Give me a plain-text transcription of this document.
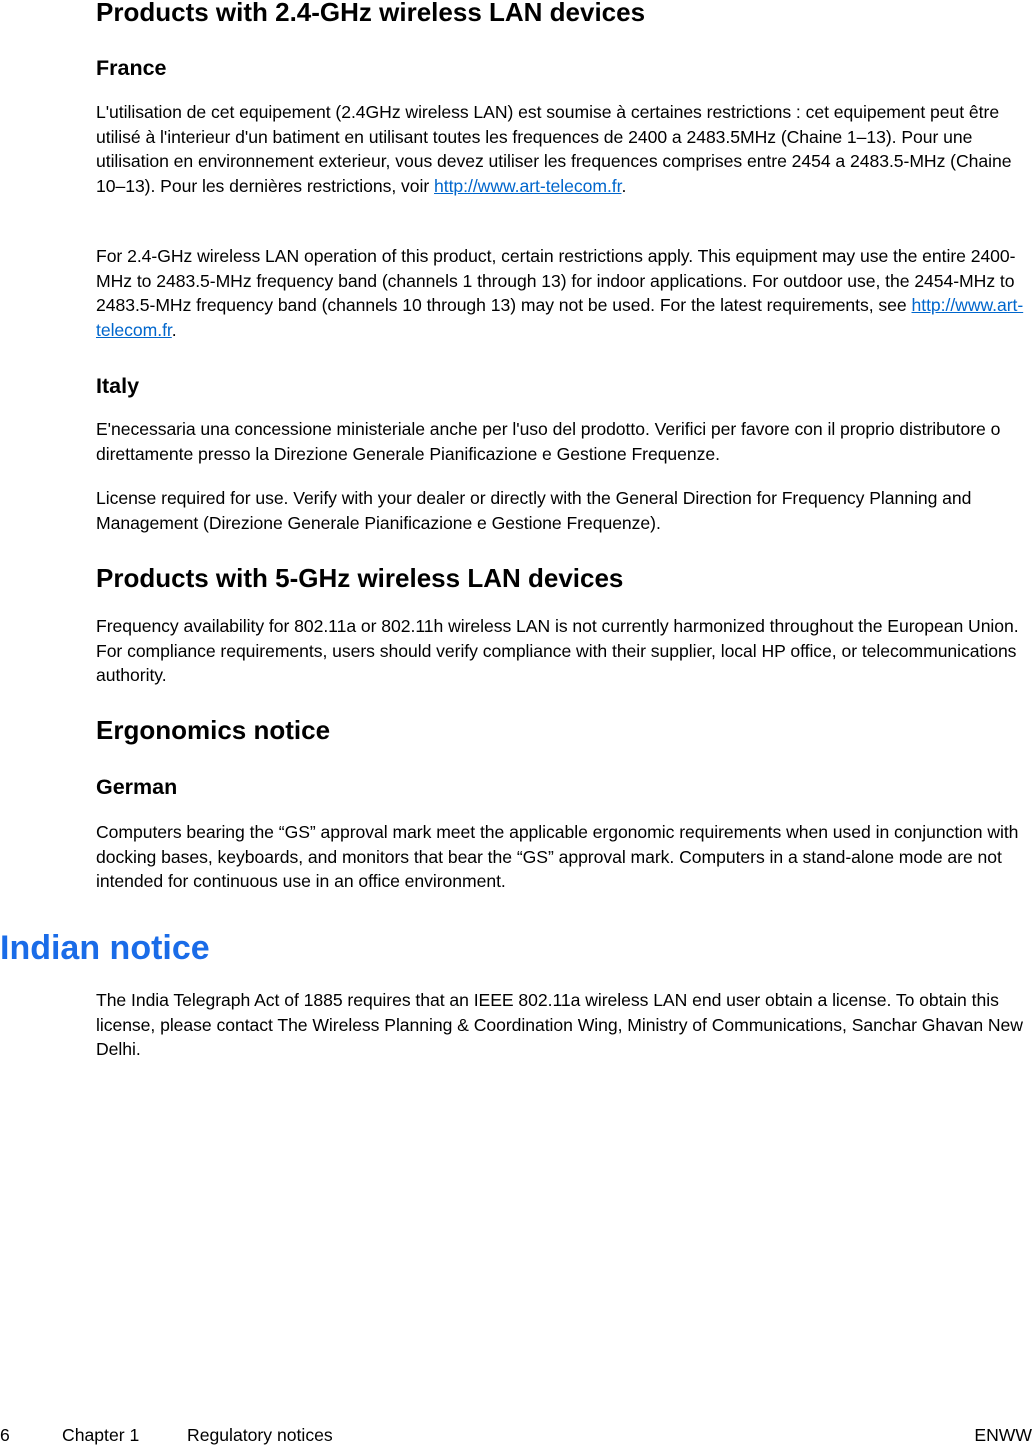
Products with 2.4-GHz wireless LAN devices
France

L'utilisation de cet equipement (2.4GHz wireless LAN) est soumise à certaines restrictions : cet equipement peut être utilisé à l'interieur d'un batiment en utilisant toutes les frequences de 2400 a 2483.5MHz (Chaine 1–13). Pour une utilisation en environnement exterieur, vous devez utiliser les frequences comprises entre 2454 a 2483.5-MHz (Chaine 10–13). Pour les dernières restrictions, voir http://www.art-telecom.fr.

For 2.4-GHz wireless LAN operation of this product, certain restrictions apply. This equipment may use the entire 2400-MHz to 2483.5-MHz frequency band (channels 1 through 13) for indoor applications. For outdoor use, the 2454-MHz to 2483.5-MHz frequency band (channels 10 through 13) may not be used. For the latest requirements, see http://www.art-telecom.fr.

Italy

E'necessaria una concessione ministeriale anche per l'uso del prodotto. Verifici per favore con il proprio distributore o direttamente presso la Direzione Generale Pianificazione e Gestione Frequenze.

License required for use. Verify with your dealer or directly with the General Direction for Frequency Planning and Management (Direzione Generale Pianificazione e Gestione Frequenze).

Products with 5-GHz wireless LAN devices

Frequency availability for 802.11a or 802.11h wireless LAN is not currently harmonized throughout the European Union. For compliance requirements, users should verify compliance with their supplier, local HP office, or telecommunications authority.

Ergonomics notice
German

Computers bearing the “GS” approval mark meet the applicable ergonomic requirements when used in conjunction with docking bases, keyboards, and monitors that bear the “GS” approval mark. Computers in a stand-alone mode are not intended for continuous use in an office environment.

The India Telegraph Act of 1885 requires that an IEEE 802.11a wireless LAN end user obtain a license. To obtain this license, please contact The Wireless Planning & Coordination Wing, Ministry of Communications, Sanchar Ghavan New Delhi.

Indian notice
6	Chapter 1	Regulatory notices	ENWW
